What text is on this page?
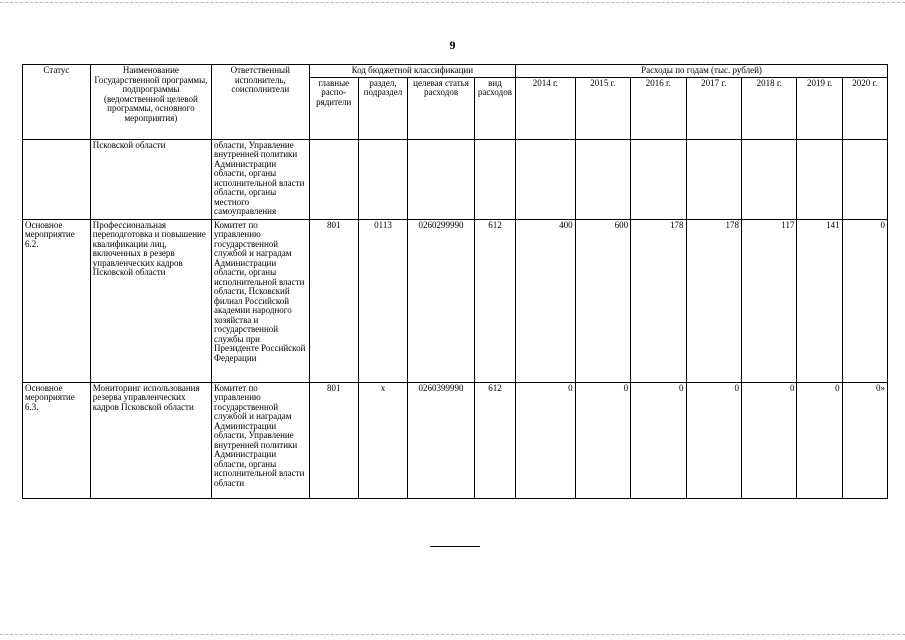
9
Статус	Наименование Государственной программы, подпрограммы (ведомственной целевой программы, основного мероприятия)	Ответственный исполнитель, соисполнители	Код бюджетной классификации				Расходы по годам (тыс. рублей)						
			главные распо-рядители	раздел, подраздел	целевая статья расходов	вид расходов	2014 г.	2015 г.	2016 г.	2017 г.	2018 г.	2019 г.	2020 г.
	Псковской области	области, Управление внутренней политики Администрации области, органы исполнительной власти области, органы местного самоуправления											
Основное мероприятие 6.2.	Профессиональная переподготовка и повышение квалификации лиц, включенных в резерв управленческих кадров Псковской области	Комитет по управлению государственной службой и наградам Администрации области, органы исполнительной власти области, Псковский филиал Российской академии народного хозяйства и государственной службы при Президенте Российской Федерации	801	0113	0260299990	612	400	600	178	178	117	141	0
Основное мероприятие 6.3.	Мониторинг использования резерва управленческих кадров Псковской области	Комитет по управлению государственной службой и наградам Администрации области, Управление внутренней политики Администрации области, органы исполнительной власти области	801	х	0260399990	612	0	0	0	0	0	0	0»
